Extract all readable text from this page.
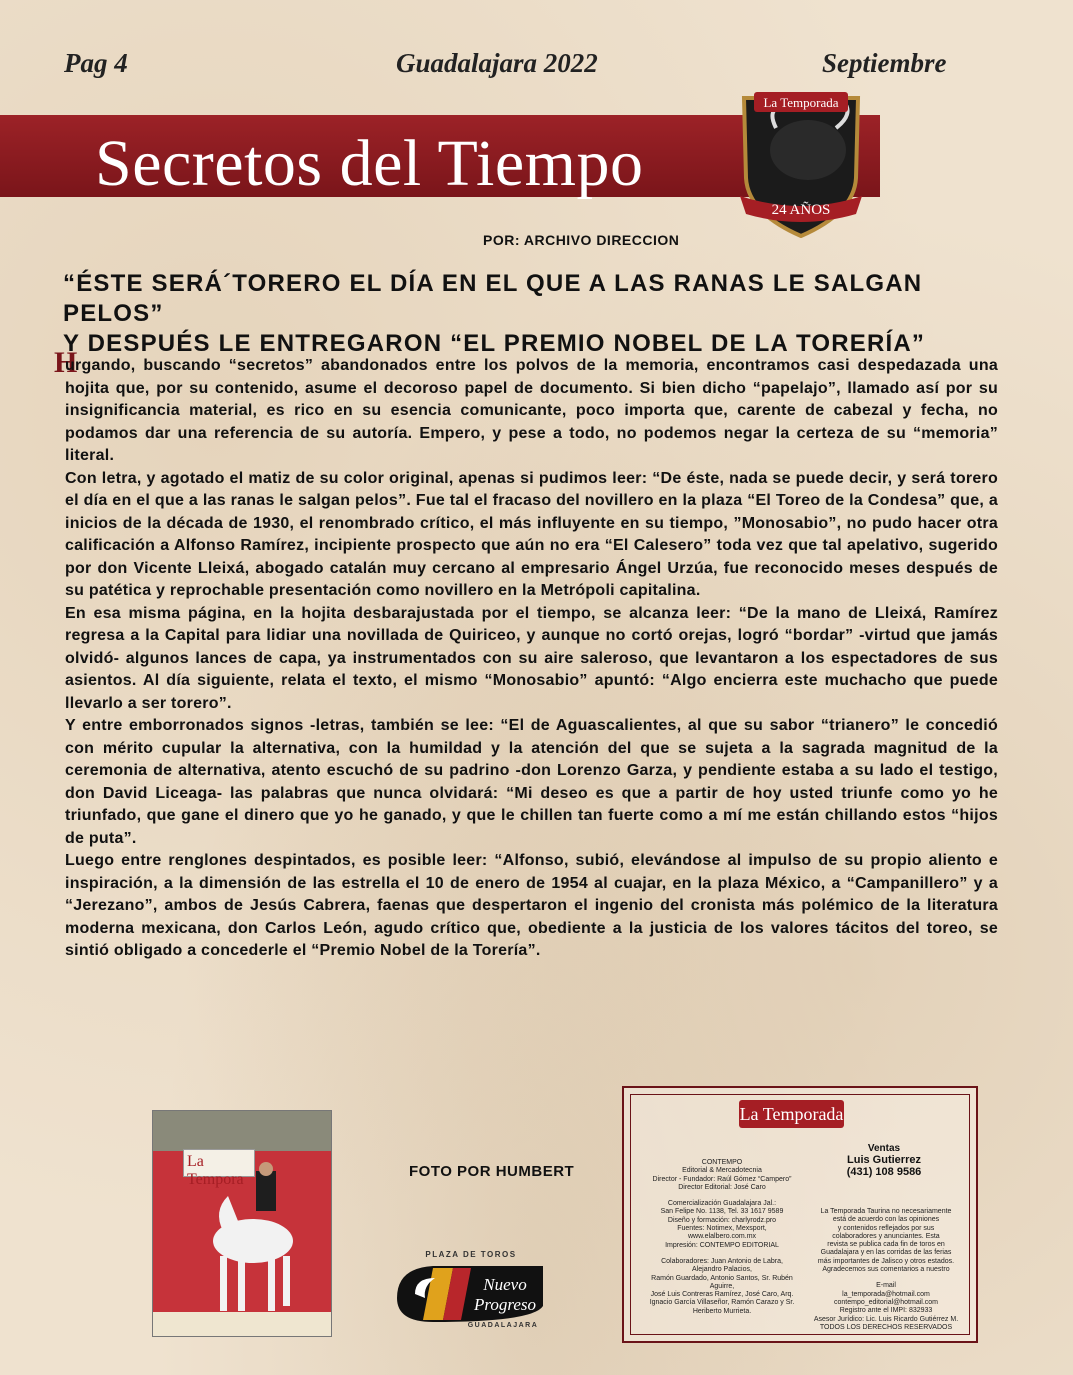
Pag 4	Guadalajara 2022	Septiembre
Secretos del Tiempo
La Temporada
24 AÑOS
POR: ARCHIVO DIRECCION
“ÉSTE SERÁ´TORERO EL DÍA EN EL QUE A LAS RANAS LE SALGAN PELOS”
Y DESPUÉS LE ENTREGARON “EL PREMIO NOBEL DE LA TORERÍA”
H

urgando, buscando “secretos” abandonados entre los polvos de la memoria, encontramos casi despedazada una hojita que, por su contenido, asume el decoroso papel de documento. Si bien dicho “papelajo”, llamado así por su insignificancia material, es rico en su esencia comunicante, poco importa que, carente de cabezal y fecha, no podamos dar una referencia de su autoría. Empero, y pese a todo, no podemos negar la certeza de su “memoria” literal.

Con letra, y agotado el matiz de su color original, apenas si pudimos leer: “De éste, nada se puede decir, y será torero el día en el que a las ranas le salgan pelos”. Fue tal el fracaso del novillero en la plaza “El Toreo de la Condesa” que, a inicios de la década de 1930, el renombrado crítico, el más influyente en su tiempo, ”Monosabio”, no pudo hacer otra calificación a Alfonso Ramírez, incipiente prospecto que aún no era “El Calesero” toda vez que tal apelativo, sugerido por don Vicente Lleixá, abogado catalán muy cercano al empresario Ángel Urzúa, fue reconocido meses después de su patética y reprochable presentación como novillero en la Metrópoli capitalina.

En esa misma página, en la hojita desbarajustada por el tiempo, se alcanza leer: “De la mano de Lleixá, Ramírez regresa a la Capital para lidiar una novillada de Quiriceo, y aunque no cortó orejas, logró “bordar” -virtud que jamás olvidó- algunos lances de capa, ya instrumentados con su aire saleroso, que levantaron a los espectadores de sus asientos. Al día siguiente, relata el texto, el mismo “Monosabio” apuntó: “Algo encierra este muchacho que puede llevarlo a ser torero”.

Y entre emborronados signos -letras, también se lee: “El de Aguascalientes, al que su sabor “trianero” le concedió con mérito cupular la alternativa, con la humildad y la atención del que se sujeta a la sagrada magnitud de la ceremonia de alternativa, atento escuchó de su padrino -don Lorenzo Garza, y pendiente estaba a su lado el testigo, don David Liceaga- las palabras que nunca olvidará: “Mi deseo es que a partir de hoy usted triunfe como yo he triunfado, que gane el dinero que yo he ganado, y que le chillen tan fuerte como a mí me están chillando estos “hijos de puta”.

Luego entre renglones despintados, es posible leer: “Alfonso, subió, elevándose al impulso de su propio aliento e inspiración, a la dimensión de las estrella el 10 de enero de 1954 al cuajar, en la plaza México, a “Campanillero” y a “Jerezano”, ambos de Jesús Cabrera, faenas que despertaron el ingenio del cronista más polémico de la literatura moderna mexicana, don Carlos León, agudo crítico que, obediente a la justicia de los valores tácitos del toreo, se sintió obligado a concederle el “Premio Nobel de la Torería”.

La Tempora	FOTO POR HUMBERT
PLAZA DE TOROS
Nuevo
Progreso
GUADALAJARA
La Temporada
CONTEMPO
Editorial & Mercadotecnia
Director - Fundador: Raúl Gómez “Campero”
Director Editorial: José Caro
Comercialización Guadalajara Jal.:
San Felipe No. 1138, Tel. 33 1617 9589
Diseño y formación: charlyrodz.pro
Fuentes: Notimex, Mexsport,
www.elalbero.com.mx
Impresión: CONTEMPO EDITORIAL
Colaboradores: Juan Antonio de Labra,
Alejandro Palacios,
Ramón Guardado, Antonio Santos, Sr. Rubén
Aguirre,
José Luis Contreras Ramírez, José Caro, Arq.
Ignacio García Villaseñor, Ramón Carazo y Sr.
Heriberto Murrieta.
Ventas
Luis Gutierrez
(431) 108 9586
La Temporada Taurina no necesariamente
está de acuerdo con las opiniones
y contenidos reflejados por sus
colaboradores y anunciantes. Esta
revista se publica cada fin de toros en
Guadalajara y en las corridas de las ferias
más importantes de Jalisco y otros estados.
Agradecemos sus comentarios a nuestro
E-mail
la_temporada@hotmail.com
contempo_editorial@hotmail.com
Registro ante el IMPI: 832933
Asesor Jurídico: Lic. Luis Ricardo Gutiérrez M.
TODOS LOS DERECHOS RESERVADOS
